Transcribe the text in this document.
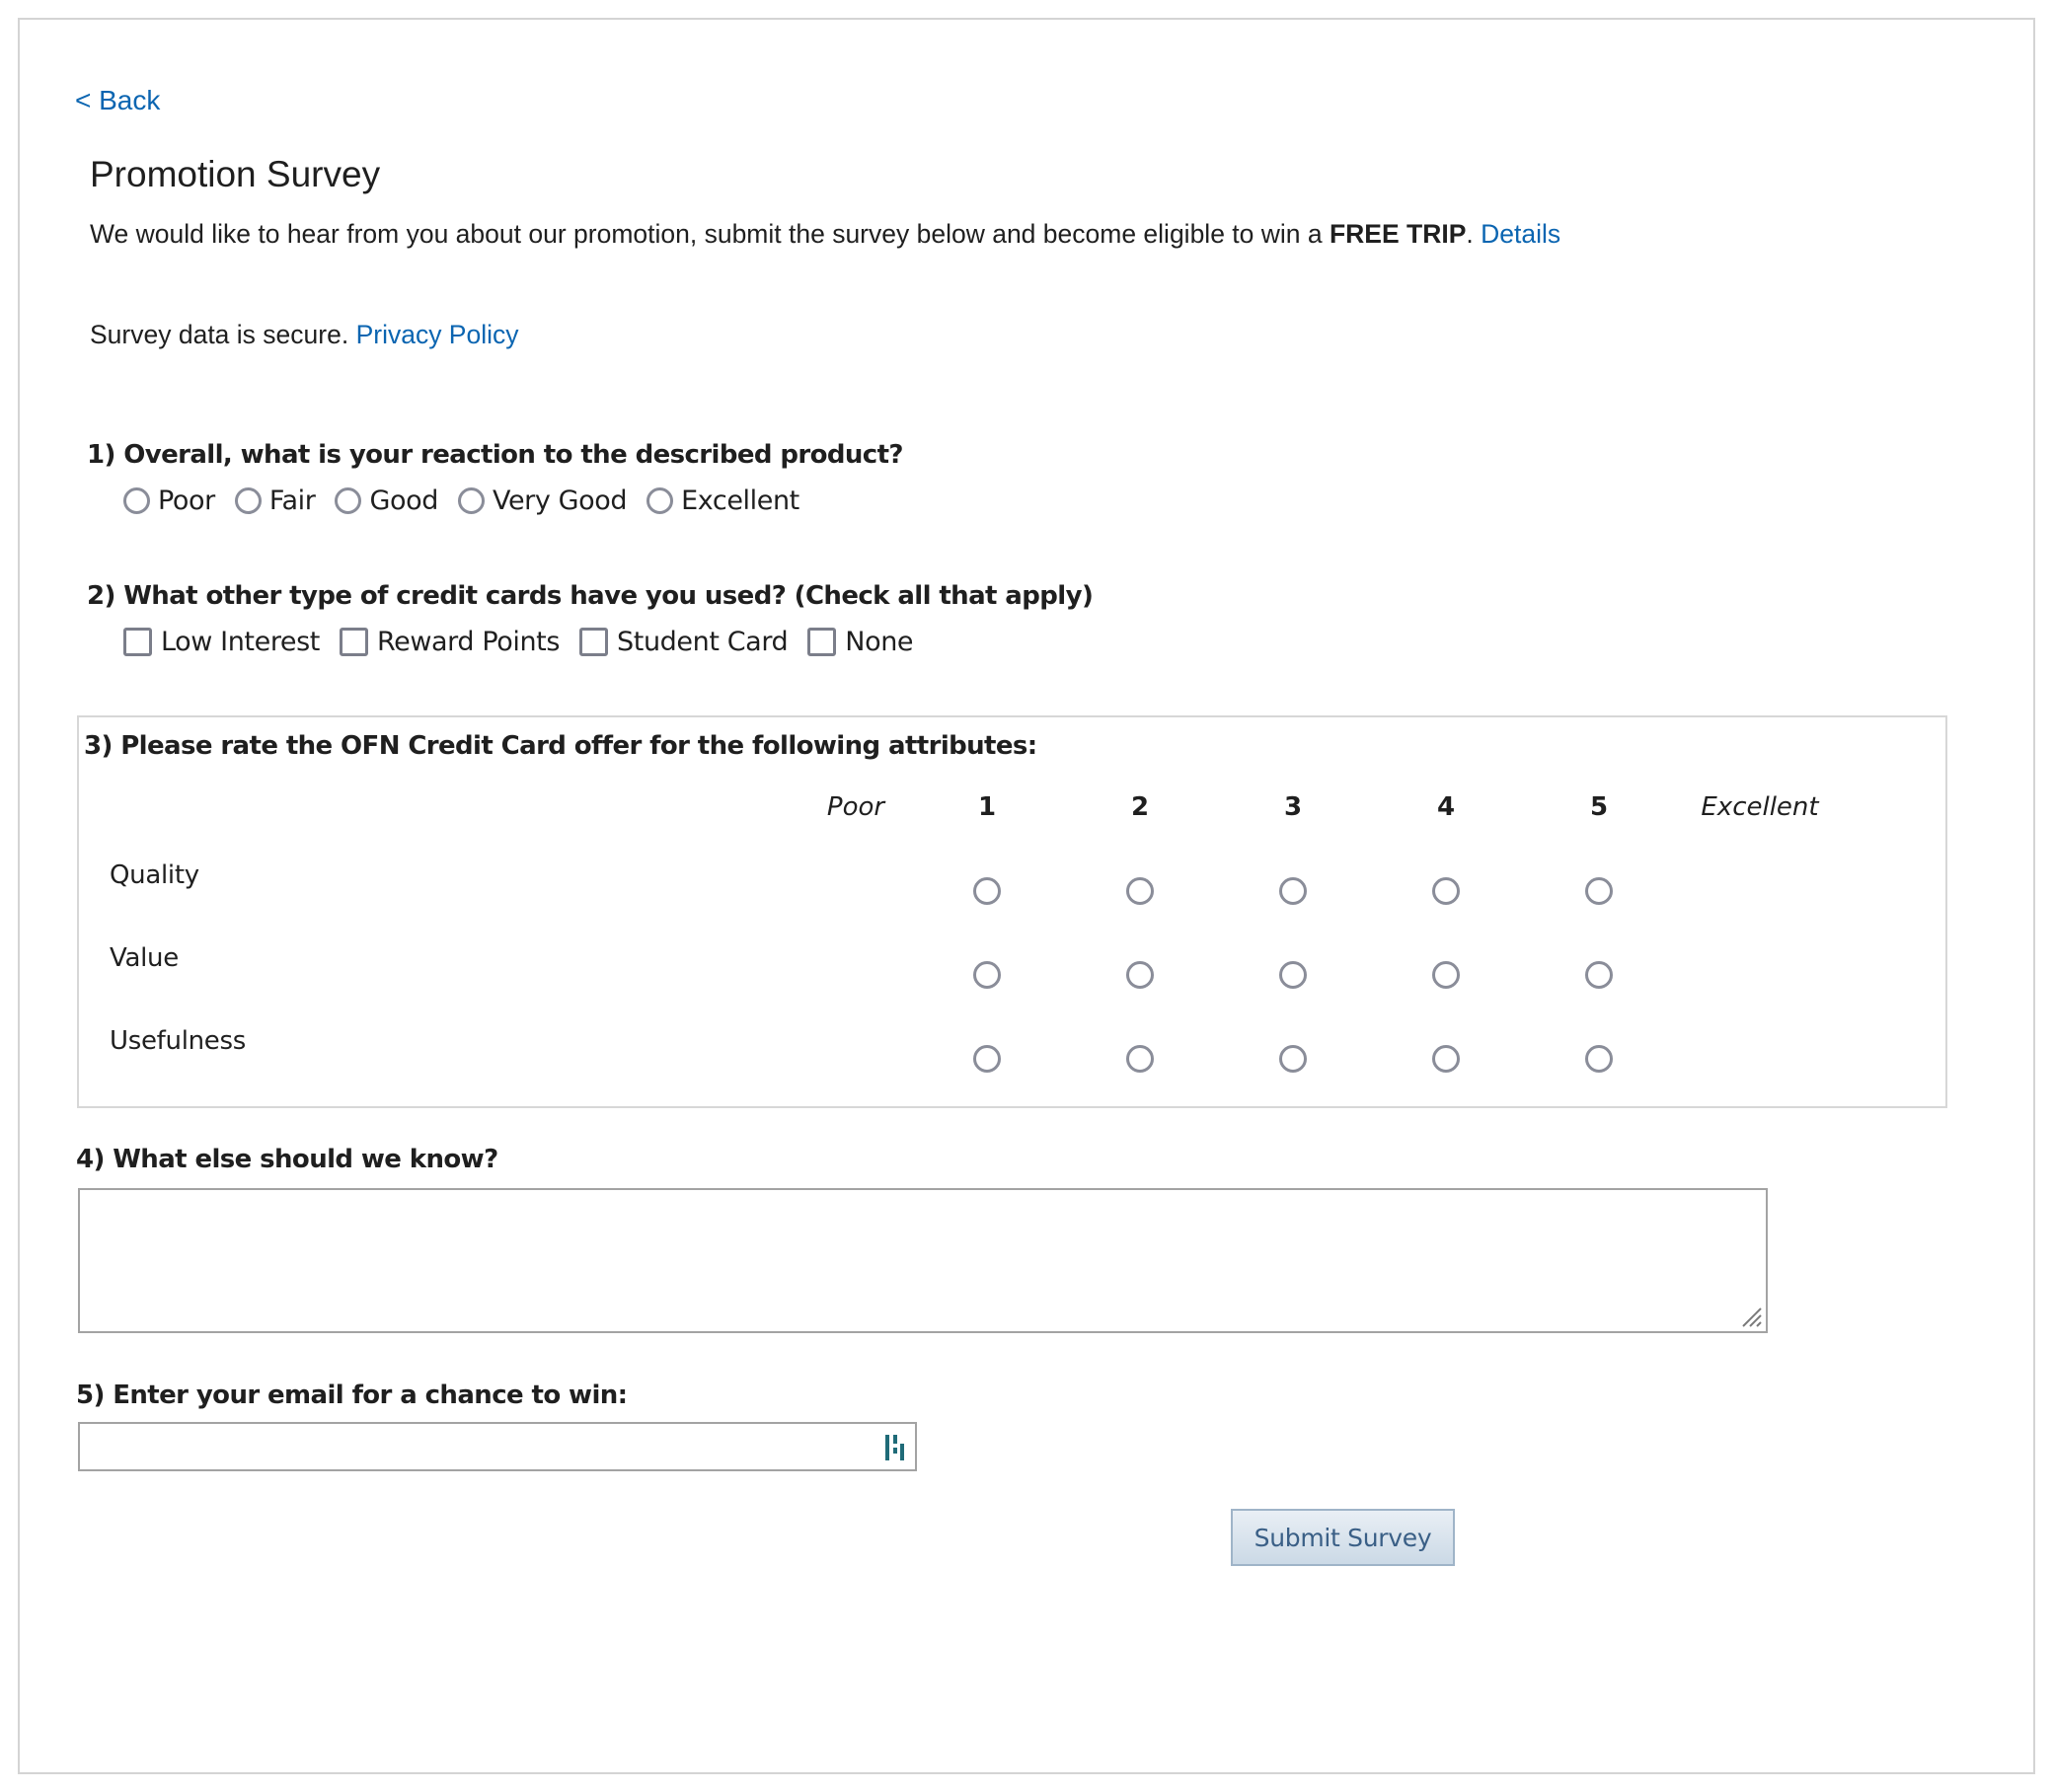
< Back
Promotion Survey
We would like to hear from you about our promotion, submit the survey below and become eligible to win a FREE TRIP. Details
Survey data is secure. Privacy Policy
1) Overall, what is your reaction to the described product?
Poor Fair Good Very Good Excellent
2) What other type of credit cards have you used? (Check all that apply)
Low Interest Reward Points Student Card None
3) Please rate the OFN Credit Card offer for the following attributes:
Poor	1	2	3	4	5	Excellent
Quality
Value
Usefulness
4) What else should we know?
5) Enter your email for a chance to win:
Submit Survey
